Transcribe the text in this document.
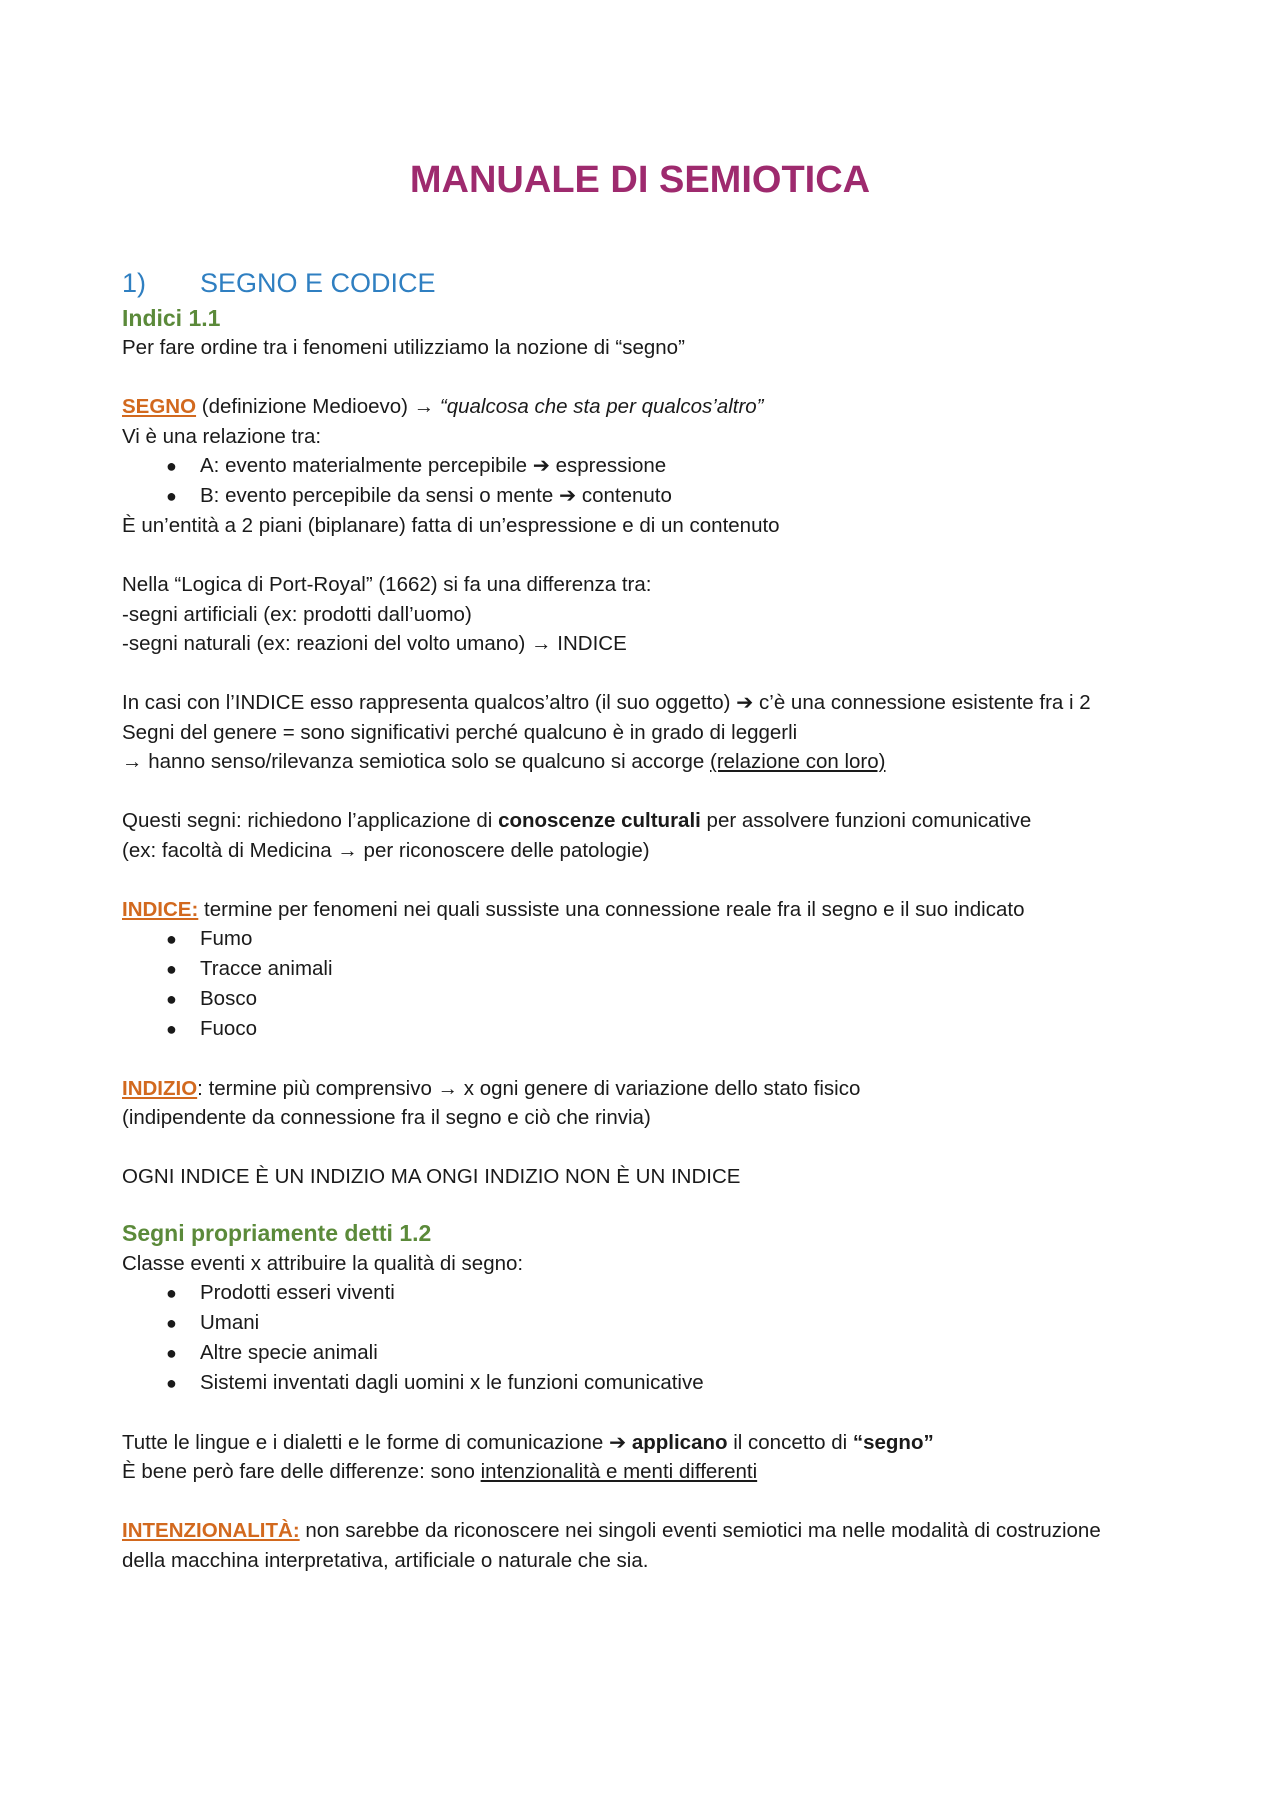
MANUALE DI SEMIOTICA
1) SEGNO E CODICE
Indici 1.1

Per fare ordine tra i fenomeni utilizziamo la nozione di “segno”

SEGNO (definizione Medioevo) → “qualcosa che sta per qualcos’altro”

Vi è una relazione tra:

● A: evento materialmente percepibile ➔ espressione
● B: evento percepibile da sensi o mente ➔ contenuto

È un’entità a 2 piani (biplanare) fatta di un’espressione e di un contenuto

Nella “Logica di Port-Royal” (1662) si fa una differenza tra:

-segni artificiali (ex: prodotti dall’uomo)

-segni naturali (ex: reazioni del volto umano) → INDICE

In casi con l’INDICE esso rappresenta qualcos’altro (il suo oggetto) ➔ c’è una connessione esistente fra i 2

Segni del genere = sono significativi perché qualcuno è in grado di leggerli

→ hanno senso/rilevanza semiotica solo se qualcuno si accorge (relazione con loro)

Questi segni: richiedono l’applicazione di conoscenze culturali per assolvere funzioni comunicative

(ex: facoltà di Medicina → per riconoscere delle patologie)

INDICE: termine per fenomeni nei quali sussiste una connessione reale fra il segno e il suo indicato

● Fumo
● Tracce animali
● Bosco
● Fuoco

INDIZIO: termine più comprensivo → x ogni genere di variazione dello stato fisico

(indipendente da connessione fra il segno e ciò che rinvia)

OGNI INDICE È UN INDIZIO MA ONGI INDIZIO NON È UN INDICE

Segni propriamente detti 1.2

Classe eventi x attribuire la qualità di segno:

● Prodotti esseri viventi
● Umani
● Altre specie animali
● Sistemi inventati dagli uomini x le funzioni comunicative

Tutte le lingue e i dialetti e le forme di comunicazione ➔ applicano il concetto di “segno”

È bene però fare delle differenze: sono intenzionalità e menti differenti

INTENZIONALITÀ: non sarebbe da riconoscere nei singoli eventi semiotici ma nelle modalità di costruzione

della macchina interpretativa, artificiale o naturale che sia.
